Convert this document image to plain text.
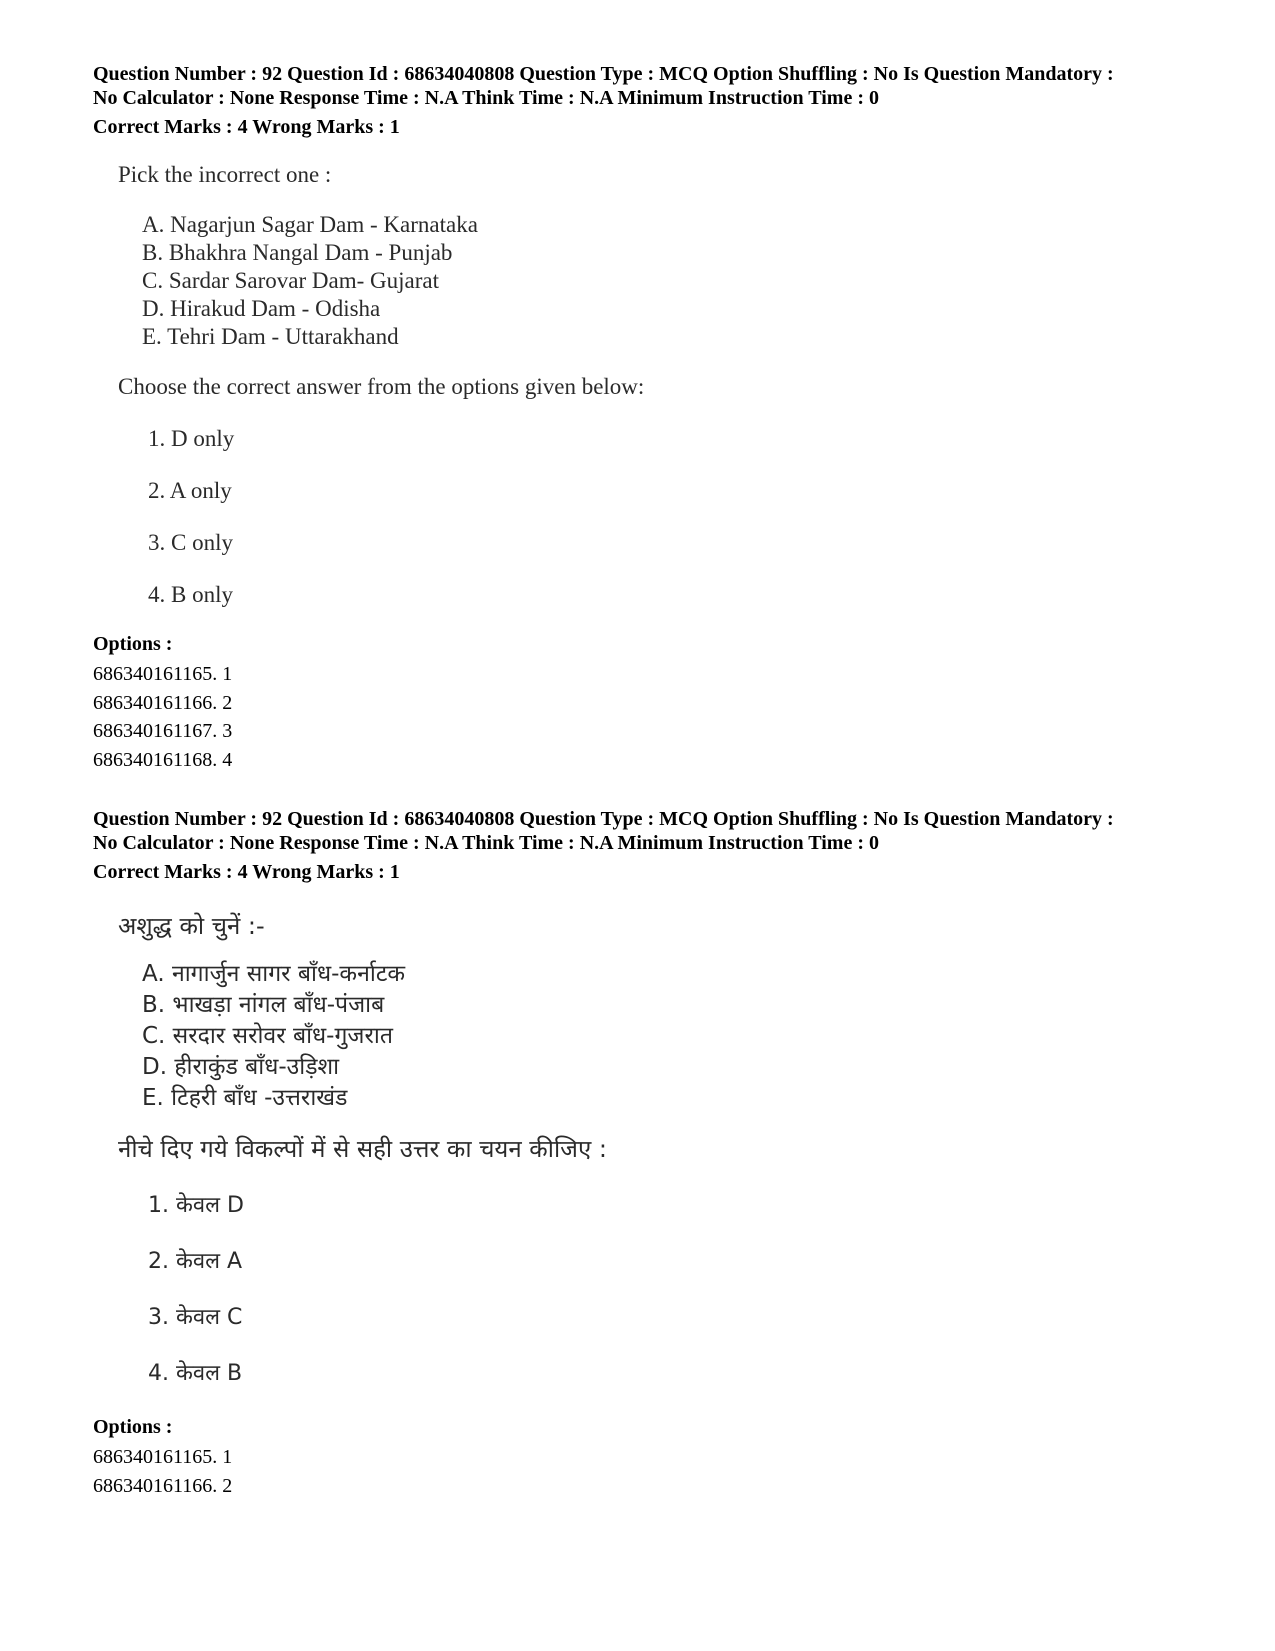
Question Number : 92 Question Id : 68634040808 Question Type : MCQ Option Shuffling : No Is Question Mandatory :
No Calculator : None Response Time : N.A Think Time : N.A Minimum Instruction Time : 0
Correct Marks : 4 Wrong Marks : 1

Pick the incorrect one :

A. Nagarjun Sagar Dam - Karnataka
B. Bhakhra Nangal Dam - Punjab
C. Sardar Sarovar Dam- Gujarat
D. Hirakud Dam - Odisha
E. Tehri Dam - Uttarakhand

Choose the correct answer from the options given below:

1. D only

2. A only

3. C only

4. B only

Options :

686340161165. 1

686340161166. 2

686340161167. 3

686340161168. 4

Question Number : 92 Question Id : 68634040808 Question Type : MCQ Option Shuffling : No Is Question Mandatory :
No Calculator : None Response Time : N.A Think Time : N.A Minimum Instruction Time : 0
Correct Marks : 4 Wrong Marks : 1

अशुद्ध को चुनें :-

A. नागार्जुन सागर बाँध-कर्नाटक
B. भाखड़ा नांगल बाँध-पंजाब
C. सरदार सरोवर बाँध-गुजरात
D. हीराकुंड बाँध-उड़िशा
E. टिहरी बाँध -उत्तराखंड

नीचे दिए गये विकल्पों में से सही उत्तर का चयन कीजिए :

1. केवल D

2. केवल A

3. केवल C

4. केवल B

Options :

686340161165. 1

686340161166. 2
